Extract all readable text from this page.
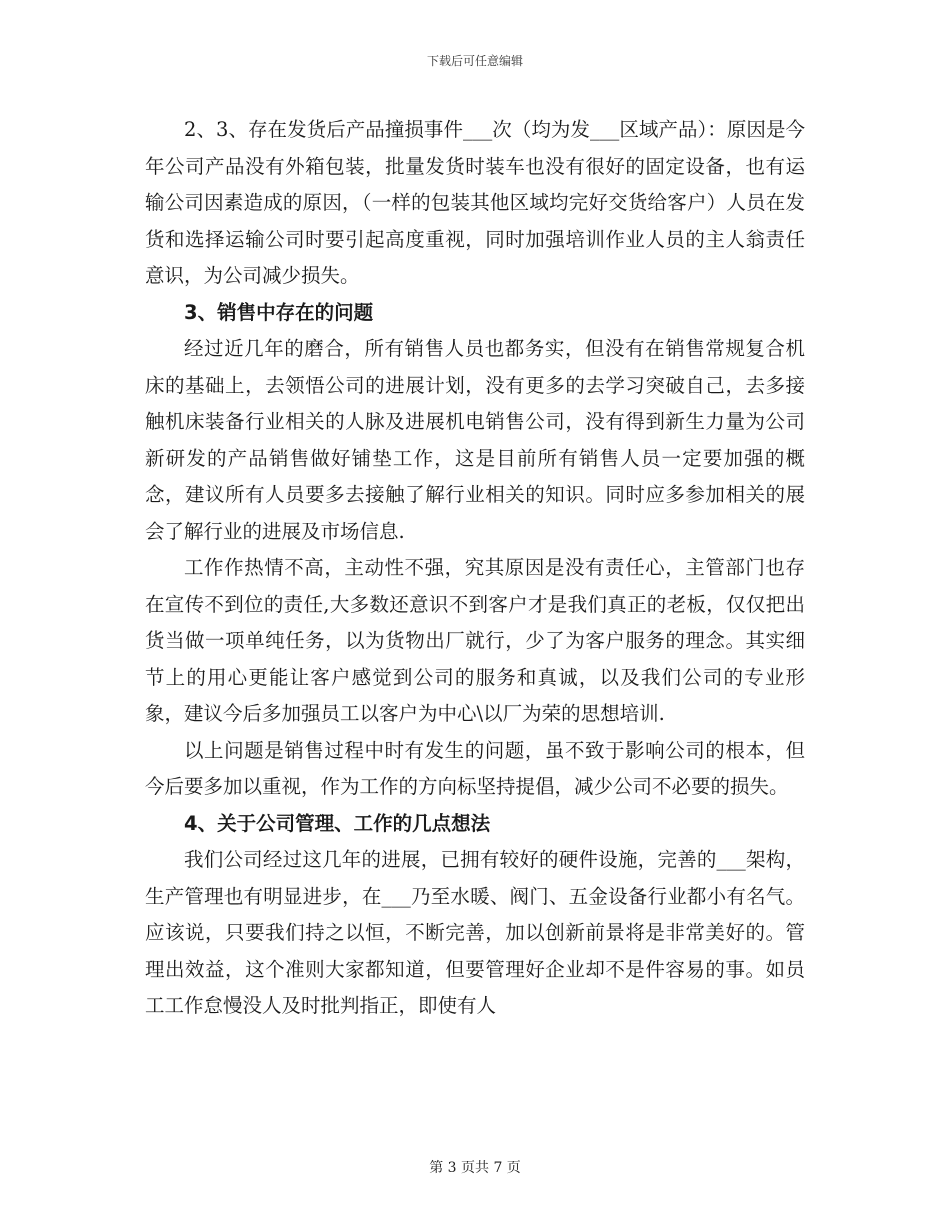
下载后可任意编辑

2、3、存在发货后产品撞损事件___次（均为发___区域产品）：原因是今年公司产品没有外箱包装，批量发货时装车也没有很好的固定设备，也有运输公司因素造成的原因，（一样的包装其他区域均完好交货给客户）人员在发货和选择运输公司时要引起高度重视，同时加强培训作业人员的主人翁责任意识，为公司减少损失。

3、销售中存在的问题

经过近几年的磨合，所有销售人员也都务实，但没有在销售常规复合机床的基础上，去领悟公司的进展计划，没有更多的去学习突破自己，去多接触机床装备行业相关的人脉及进展机电销售公司，没有得到新生力量为公司新研发的产品销售做好铺垫工作，这是目前所有销售人员一定要加强的概念，建议所有人员要多去接触了解行业相关的知识。同时应多参加相关的展会了解行业的进展及市场信息.

工作作热情不高，主动性不强，究其原因是没有责任心，主管部门也存在宣传不到位的责任,大多数还意识不到客户才是我们真正的老板，仅仅把出货当做一项单纯任务，以为货物出厂就行，少了为客户服务的理念。其实细节上的用心更能让客户感觉到公司的服务和真诚，以及我们公司的专业形象，建议今后多加强员工以客户为中心\以厂为荣的思想培训.

以上问题是销售过程中时有发生的问题，虽不致于影响公司的根本，但今后要多加以重视，作为工作的方向标坚持提倡，减少公司不必要的损失。

4、关于公司管理、工作的几点想法

我们公司经过这几年的进展，已拥有较好的硬件设施，完善的___架构，生产管理也有明显进步，在___乃至水暖、阀门、五金设备行业都小有名气。应该说，只要我们持之以恒，不断完善，加以创新前景将是非常美好的。管理出效益，这个准则大家都知道，但要管理好企业却不是件容易的事。如员工工作怠慢没人及时批判指正，即使有人

第 3 页共 7 页
